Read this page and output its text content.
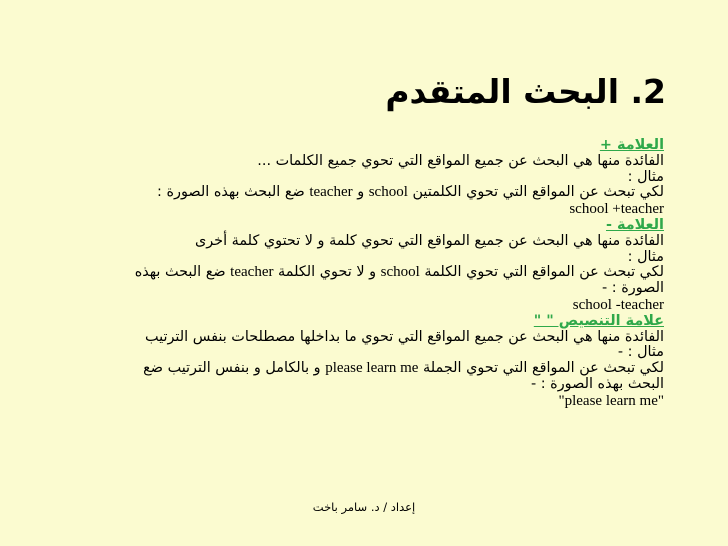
2. البحث المتقدم
العلامة +
الفائدة منها هي البحث عن جميع المواقع التي تحوي جميع الكلمات ...
مثال :
لكي تبحث عن المواقع التي تحوي الكلمتين school و teacher ضع البحث بهذه الصورة :
school +teacher
العلامة -
الفائدة منها هي البحث عن جميع المواقع التي تحوي كلمة و لا تحتوي كلمة أخرى
مثال :
لكي تبحث عن المواقع التي تحوي الكلمة school و لا تحوي الكلمة teacher ضع البحث بهذه
الصورة : -
school -teacher
علامة التنصيص " "
الفائدة منها هي البحث عن جميع المواقع التي تحوي ما بداخلها مصطلحات بنفس الترتيب
مثال : -
لكي تبحث عن المواقع التي تحوي الجملة please learn me و بالكامل و بنفس الترتيب ضع
البحث بهذه الصورة : -
"please learn me"
إعداد / د. سامر باخت
